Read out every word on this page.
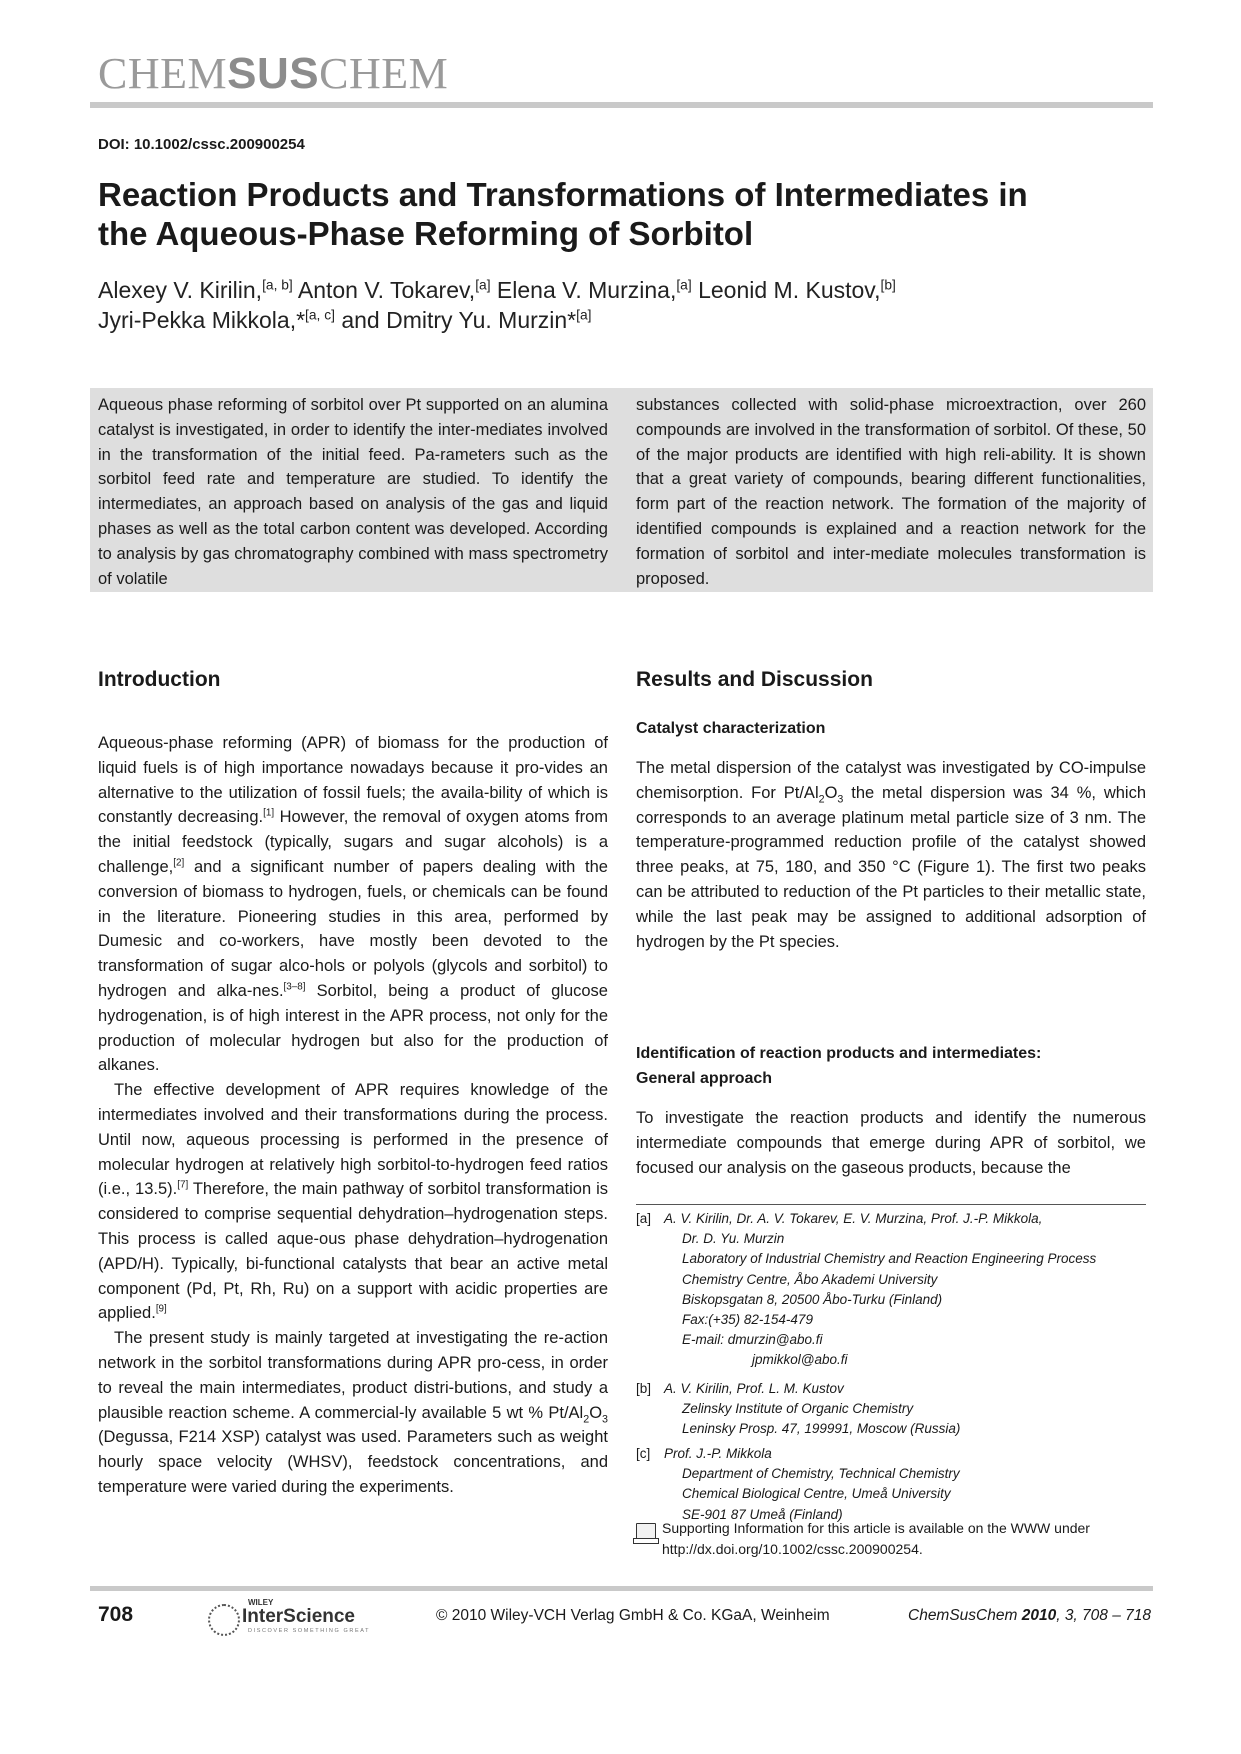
CHEMSUSCHEM
DOI: 10.1002/cssc.200900254
Reaction Products and Transformations of Intermediates in
the Aqueous-Phase Reforming of Sorbitol
Alexey V. Kirilin,[a, b] Anton V. Tokarev,[a] Elena V. Murzina,[a] Leonid M. Kustov,[b]
Jyri-Pekka Mikkola,*[a, c] and Dmitry Yu. Murzin*[a]
Aqueous phase reforming of sorbitol over Pt supported on an alumina catalyst is investigated, in order to identify the inter-mediates involved in the transformation of the initial feed. Pa-rameters such as the sorbitol feed rate and temperature are studied. To identify the intermediates, an approach based on analysis of the gas and liquid phases as well as the total carbon content was developed. According to analysis by gas chromatography combined with mass spectrometry of volatile
substances collected with solid-phase microextraction, over 260 compounds are involved in the transformation of sorbitol. Of these, 50 of the major products are identified with high reli-ability. It is shown that a great variety of compounds, bearing different functionalities, form part of the reaction network. The formation of the majority of identified compounds is explained and a reaction network for the formation of sorbitol and inter-mediate molecules transformation is proposed.
Introduction

Aqueous-phase reforming (APR) of biomass for the production of liquid fuels is of high importance nowadays because it pro-vides an alternative to the utilization of fossil fuels; the availa-bility of which is constantly decreasing.[1] However, the removal of oxygen atoms from the initial feedstock (typically, sugars and sugar alcohols) is a challenge,[2] and a significant number of papers dealing with the conversion of biomass to hydrogen, fuels, or chemicals can be found in the literature. Pioneering studies in this area, performed by Dumesic and co-workers, have mostly been devoted to the transformation of sugar alco-hols or polyols (glycols and sorbitol) to hydrogen and alka-nes.[3–8] Sorbitol, being a product of glucose hydrogenation, is of high interest in the APR process, not only for the production of molecular hydrogen but also for the production of alkanes.

The effective development of APR requires knowledge of the intermediates involved and their transformations during the process. Until now, aqueous processing is performed in the presence of molecular hydrogen at relatively high sorbitol-to-hydrogen feed ratios (i.e., 13.5).[7] Therefore, the main pathway of sorbitol transformation is considered to comprise sequential dehydration–hydrogenation steps. This process is called aque-ous phase dehydration–hydrogenation (APD/H). Typically, bi-functional catalysts that bear an active metal component (Pd, Pt, Rh, Ru) on a support with acidic properties are applied.[9]

The present study is mainly targeted at investigating the re-action network in the sorbitol transformations during APR pro-cess, in order to reveal the main intermediates, product distri-butions, and study a plausible reaction scheme. A commercial-ly available 5 wt % $Pt/Al_2O_3$ (Degussa, F214 XSP) catalyst was used. Parameters such as weight hourly space velocity (WHSV), feedstock concentrations, and temperature were varied during the experiments.

Results and Discussion
Catalyst characterization

The metal dispersion of the catalyst was investigated by CO-impulse chemisorption. For $Pt/Al_2O_3$ the metal dispersion was 34 %, which corresponds to an average platinum metal particle size of 3 nm. The temperature-programmed reduction profile of the catalyst showed three peaks, at 75, 180, and 350 °C (Figure 1). The first two peaks can be attributed to reduction of the Pt particles to their metallic state, while the last peak may be assigned to additional adsorption of hydrogen by the Pt species.

Identification of reaction products and intermediates:
General approach

To investigate the reaction products and identify the numerous intermediate compounds that emerge during APR of sorbitol, we focused our analysis on the gaseous products, because the

[a] A. V. Kirilin, Dr. A. V. Tokarev, E. V. Murzina, Prof. J.-P. Mikkola,
Dr. D. Yu. Murzin
Laboratory of Industrial Chemistry and Reaction Engineering Process
Chemistry Centre, Åbo Akademi University
Biskopsgatan 8, 20500 Åbo-Turku (Finland)
Fax:(+35) 82-154-479
E-mail: dmurzin@abo.fi
jpmikkol@abo.fi
[b] A. V. Kirilin, Prof. L. M. Kustov
Zelinsky Institute of Organic Chemistry
Leninsky Prosp. 47, 199991, Moscow (Russia)
[c] Prof. J.-P. Mikkola
Department of Chemistry, Technical Chemistry
Chemical Biological Centre, Umeå University
SE-901 87 Umeå (Finland)
Supporting Information for this article is available on the WWW under http://dx.doi.org/10.1002/cssc.200900254.
708
WILEY
InterScience
DISCOVER SOMETHING GREAT
© 2010 Wiley-VCH Verlag GmbH & Co. KGaA, Weinheim	ChemSusChem 2010, 3, 708 – 718
